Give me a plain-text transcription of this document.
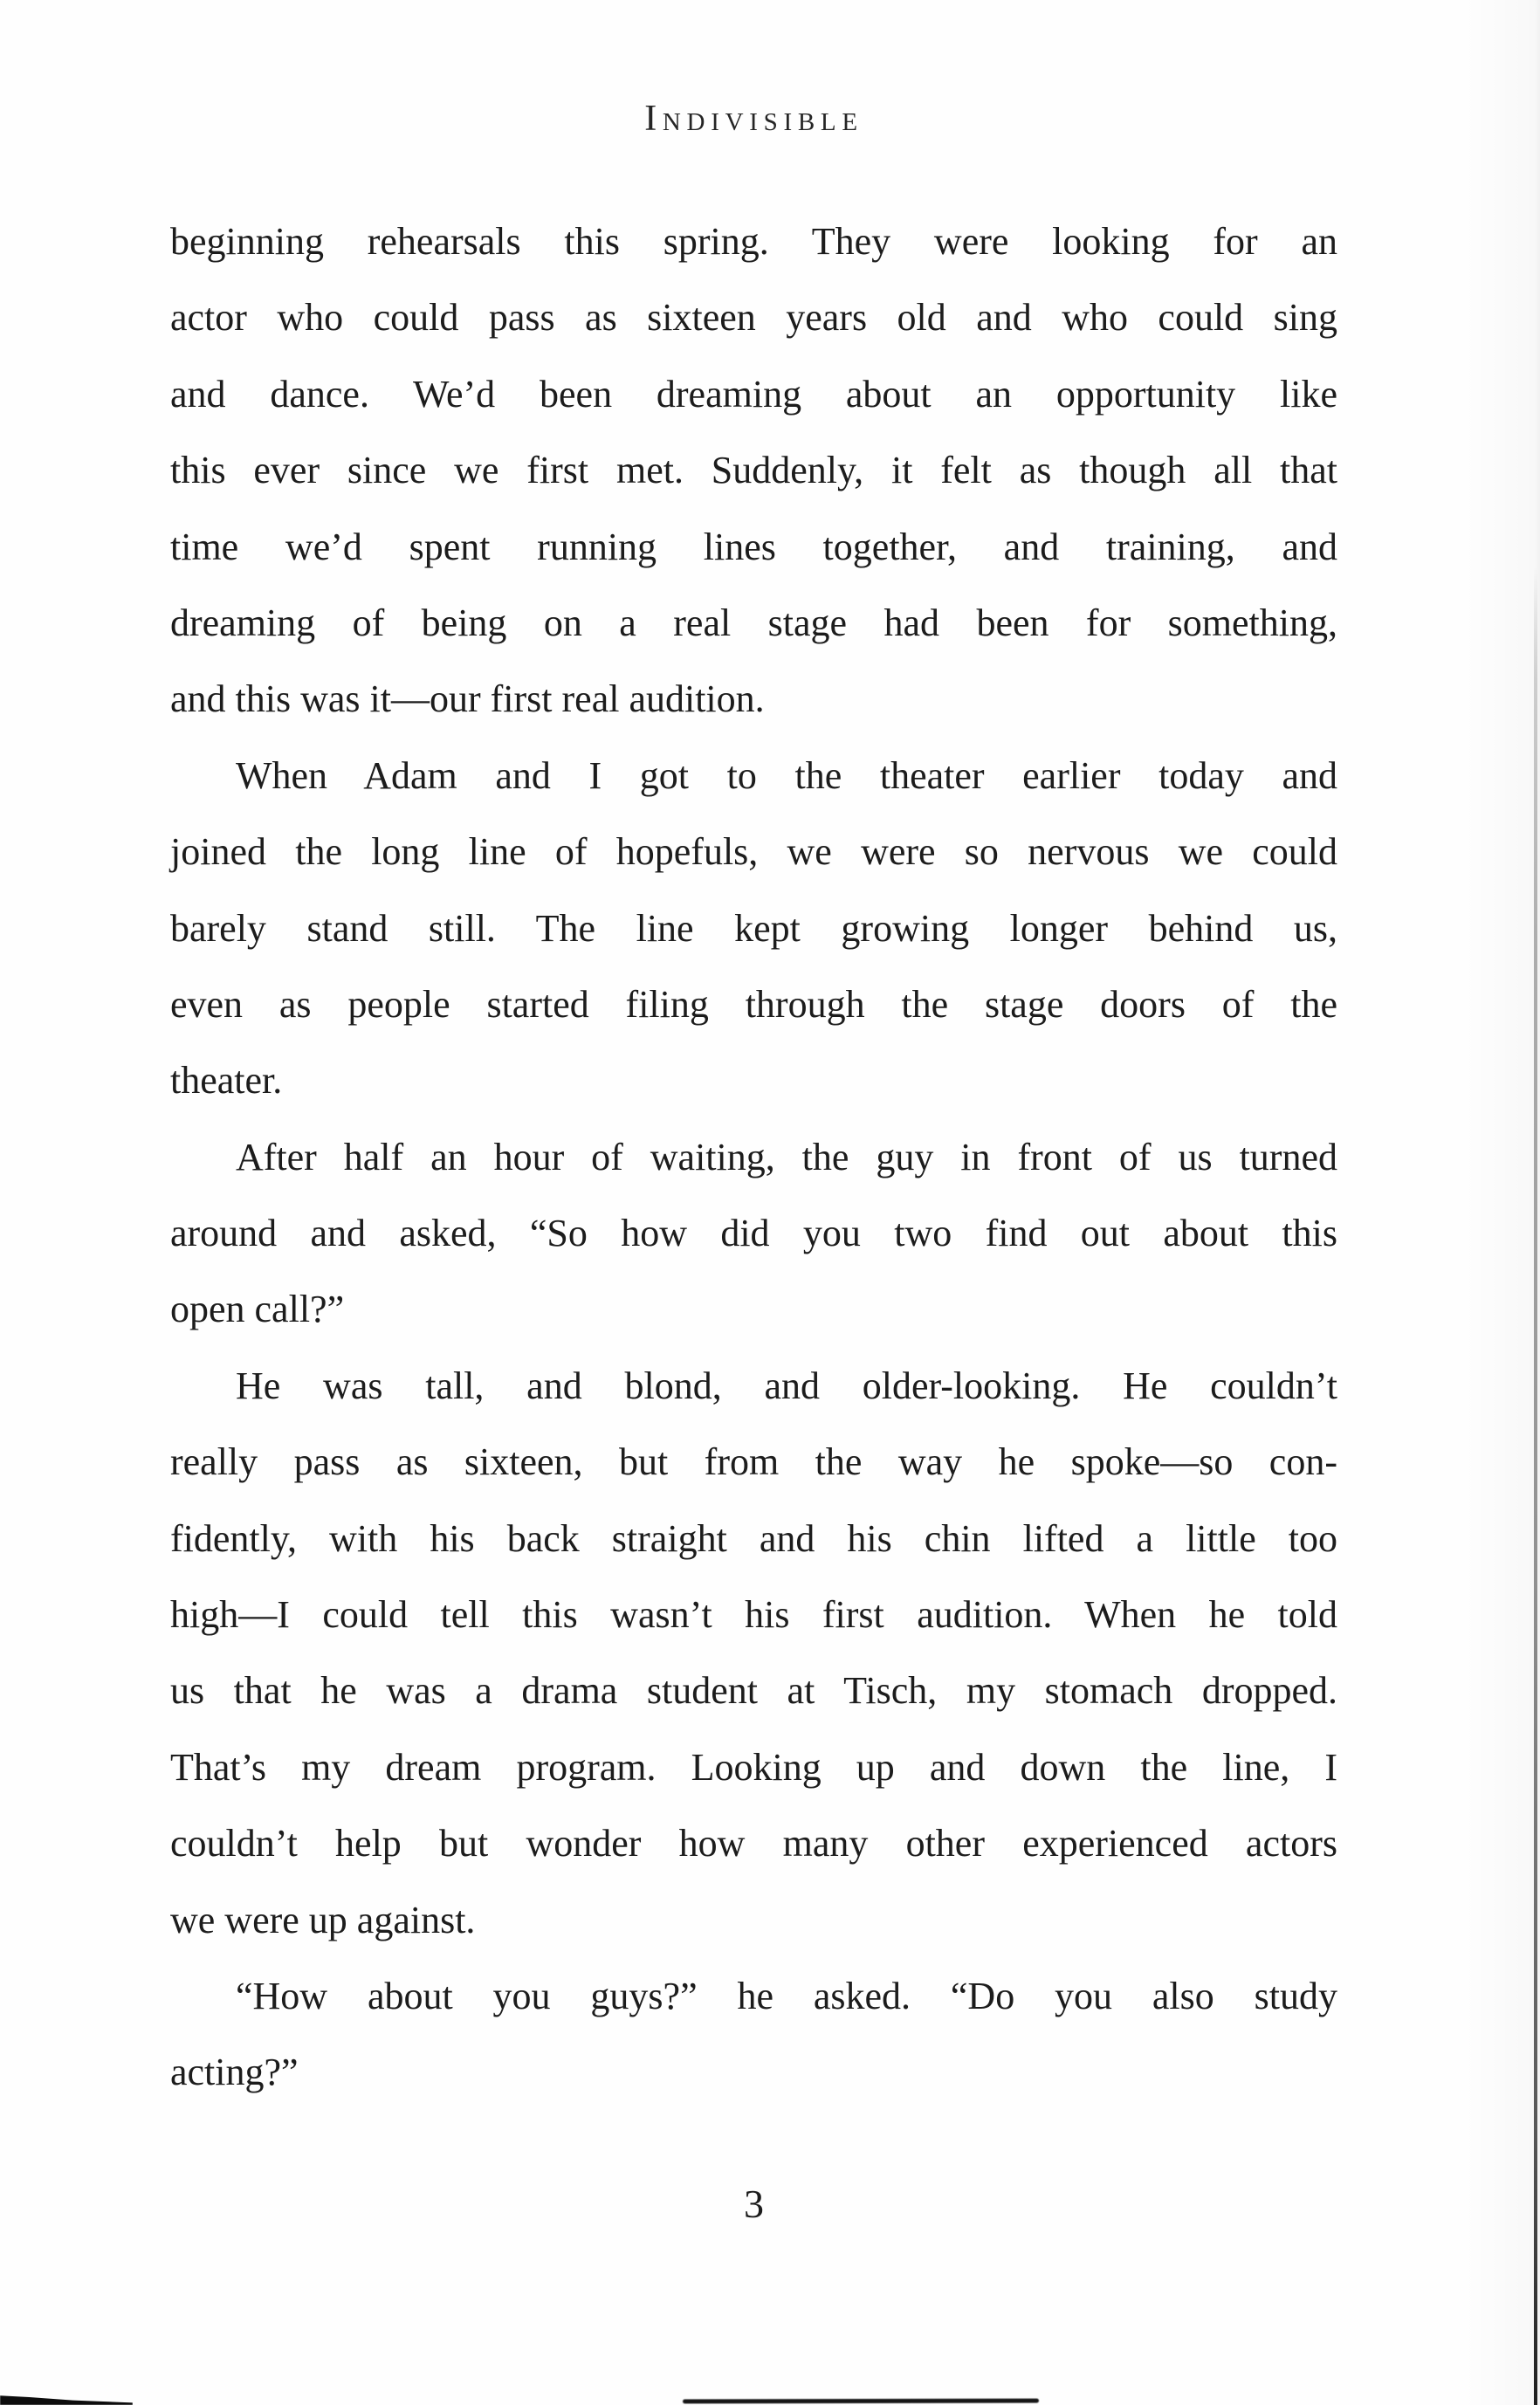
Indivisible
beginning rehearsals this spring. They were looking for an
actor who could pass as sixteen years old and who could sing
and dance. We’d been dreaming about an opportunity like
this ever since we first met. Suddenly, it felt as though all that
time we’d spent running lines together, and training, and
dreaming of being on a real stage had been for something,
and this was it—our first real audition.
When Adam and I got to the theater earlier today and
joined the long line of hopefuls, we were so nervous we could
barely stand still. The line kept growing longer behind us,
even as people started filing through the stage doors of the
theater.
After half an hour of waiting, the guy in front of us turned
around and asked, “So how did you two find out about this
open call?”
He was tall, and blond, and older-looking. He couldn’t
really pass as sixteen, but from the way he spoke—so con-
fidently, with his back straight and his chin lifted a little too
high—I could tell this wasn’t his first audition. When he told
us that he was a drama student at Tisch, my stomach dropped.
That’s my dream program. Looking up and down the line, I
couldn’t help but wonder how many other experienced actors
we were up against.
“How about you guys?” he asked. “Do you also study
acting?”
3
